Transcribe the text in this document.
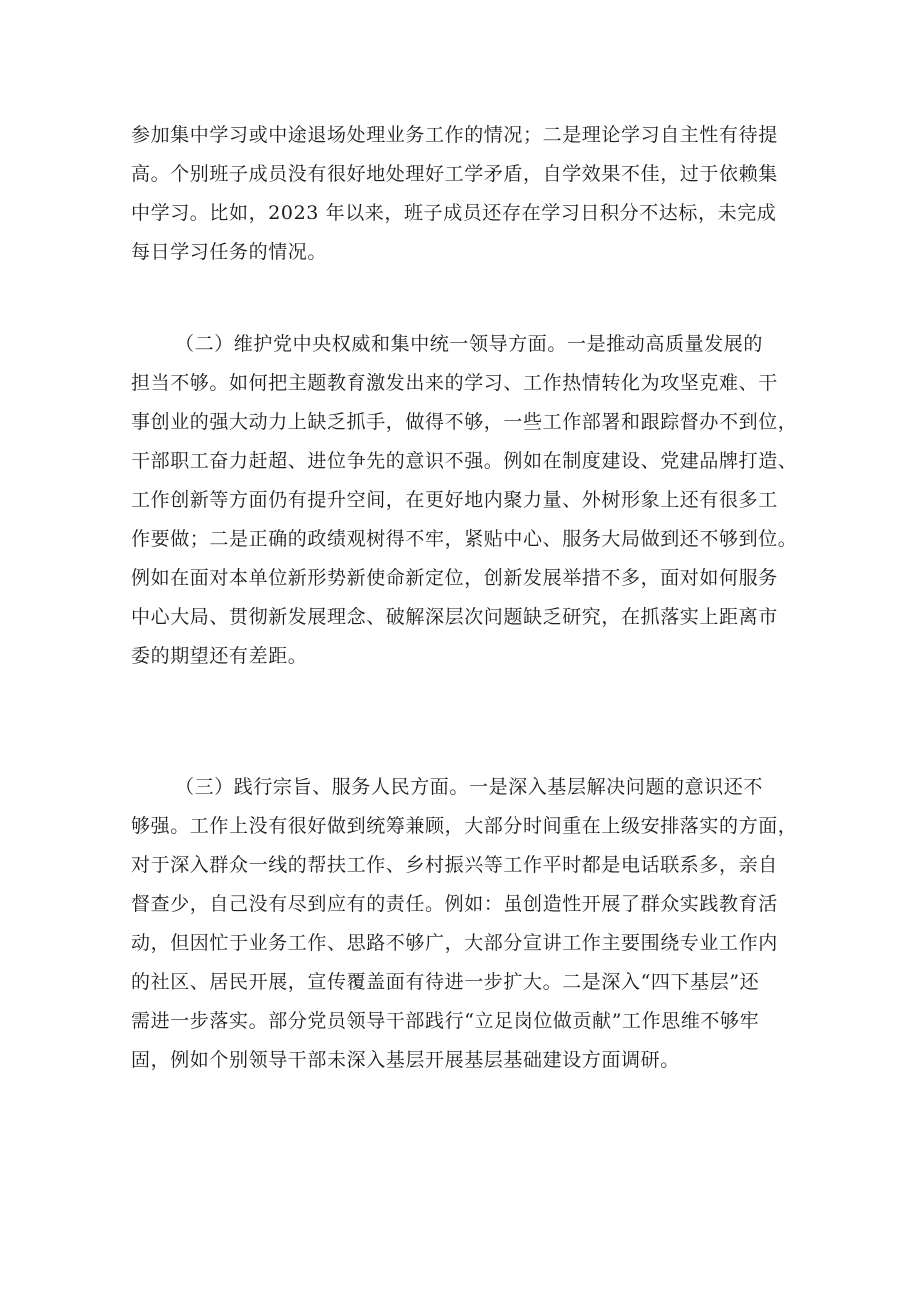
参加集中学习或中途退场处理业务工作的情况；二是理论学习自主性有待提
高。个别班子成员没有很好地处理好工学矛盾，自学效果不佳，过于依赖集
中学习。比如，2023 年以来，班子成员还存在学习日积分不达标，未完成
每日学习任务的情况。
（二）维护党中央权威和集中统一领导方面。一是推动高质量发展的
担当不够。如何把主题教育激发出来的学习、工作热情转化为攻坚克难、干
事创业的强大动力上缺乏抓手，做得不够，一些工作部署和跟踪督办不到位，
干部职工奋力赶超、进位争先的意识不强。例如在制度建设、党建品牌打造、
工作创新等方面仍有提升空间，在更好地内聚力量、外树形象上还有很多工
作要做；二是正确的政绩观树得不牢，紧贴中心、服务大局做到还不够到位。
例如在面对本单位新形势新使命新定位，创新发展举措不多，面对如何服务
中心大局、贯彻新发展理念、破解深层次问题缺乏研究，在抓落实上距离市
委的期望还有差距。
（三）践行宗旨、服务人民方面。一是深入基层解决问题的意识还不
够强。工作上没有很好做到统筹兼顾，大部分时间重在上级安排落实的方面，
对于深入群众一线的帮扶工作、乡村振兴等工作平时都是电话联系多，亲自
督查少，自己没有尽到应有的责任。例如：虽创造性开展了群众实践教育活
动，但因忙于业务工作、思路不够广，大部分宣讲工作主要围绕专业工作内
的社区、居民开展，宣传覆盖面有待进一步扩大。二是深入“四下基层”还
需进一步落实。部分党员领导干部践行“立足岗位做贡献”工作思维不够牢
固，例如个别领导干部未深入基层开展基层基础建设方面调研。
